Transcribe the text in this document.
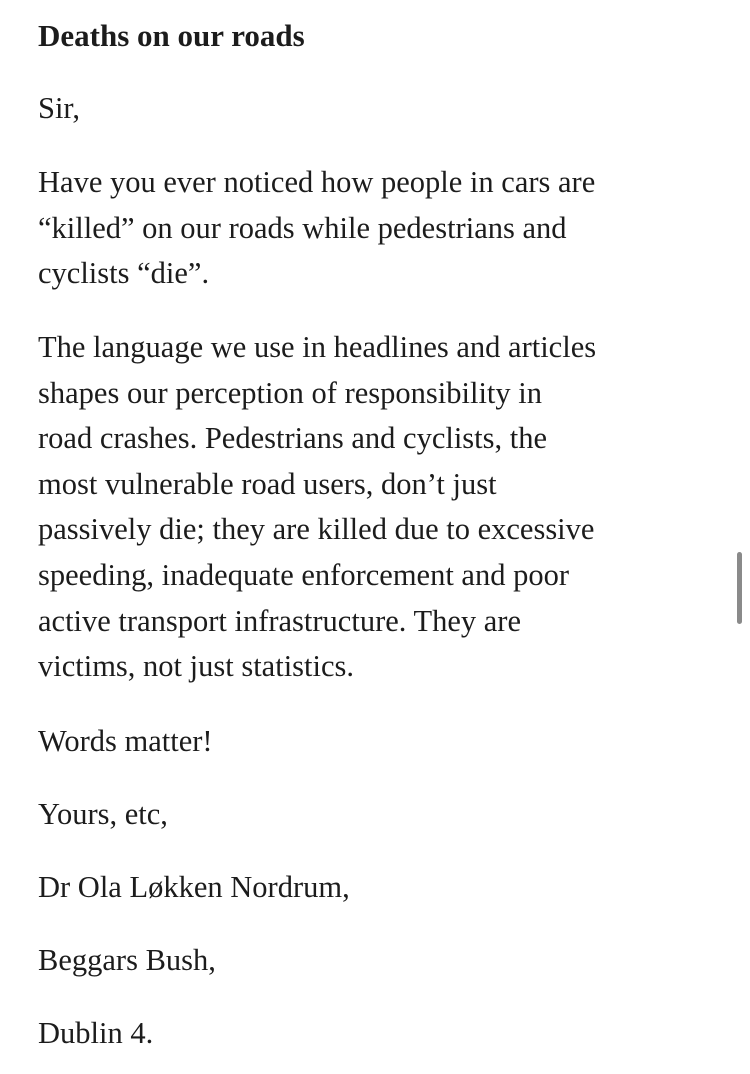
Deaths on our roads

Sir,

Have you ever noticed how people in cars are
“killed” on our roads while pedestrians and
cyclists “die”.

The language we use in headlines and articles
shapes our perception of responsibility in
road crashes. Pedestrians and cyclists, the
most vulnerable road users, don’t just
passively die; they are killed due to excessive
speeding, inadequate enforcement and poor
active transport infrastructure. They are
victims, not just statistics.

Words matter!

Yours, etc,

Dr Ola Løkken Nordrum,

Beggars Bush,

Dublin 4.
